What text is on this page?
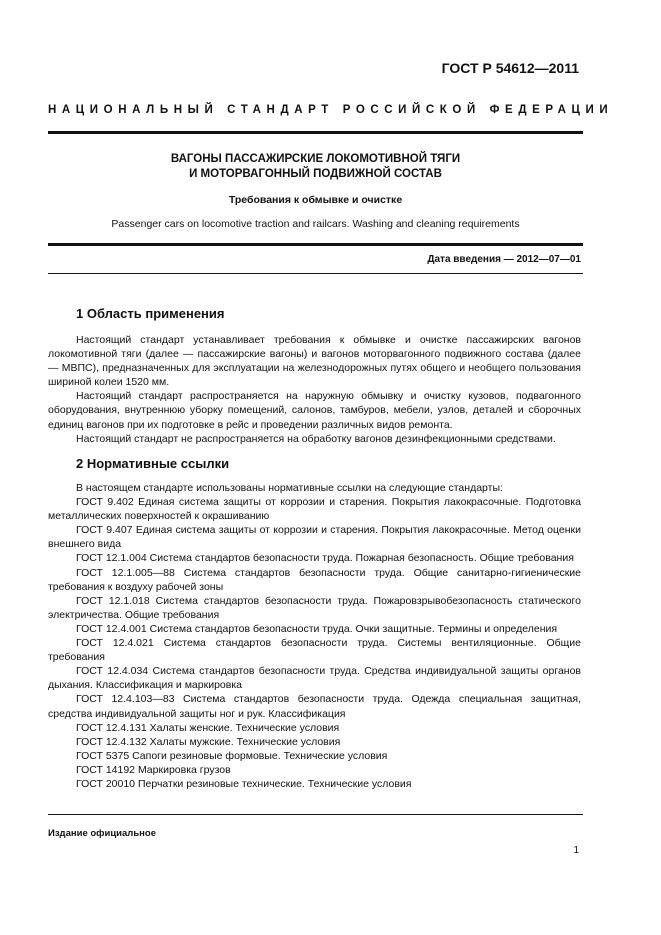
ГОСТ Р 54612—2011
НАЦИОНАЛЬНЫЙ СТАНДАРТ РОССИЙСКОЙ ФЕДЕРАЦИИ
ВАГОНЫ ПАССАЖИРСКИЕ ЛОКОМОТИВНОЙ ТЯГИ
И МОТОРВАГОННЫЙ ПОДВИЖНОЙ СОСТАВ
Требования к обмывке и очистке
Passenger cars on locomotive traction and railcars. Washing and cleaning requirements
Дата введения — 2012—07—01
1 Область применения

Настоящий стандарт устанавливает требования к обмывке и очистке пассажирских вагонов локомотивной тяги (далее — пассажирские вагоны) и вагонов моторвагонного подвижного состава (далее — МВПС), предназначенных для эксплуатации на железнодорожных путях общего и необщего пользования шириной колеи 1520 мм.

Настоящий стандарт распространяется на наружную обмывку и очистку кузовов, подвагонного оборудования, внутреннюю уборку помещений, салонов, тамбуров, мебели, узлов, деталей и сборочных единиц вагонов при их подготовке в рейс и проведении различных видов ремонта.

Настоящий стандарт не распространяется на обработку вагонов дезинфекционными средствами.

2 Нормативные ссылки

В настоящем стандарте использованы нормативные ссылки на следующие стандарты:

ГОСТ 9.402 Единая система защиты от коррозии и старения. Покрытия лакокрасочные. Подготовка металлических поверхностей к окрашиванию

ГОСТ 9.407 Единая система защиты от коррозии и старения. Покрытия лакокрасочные. Метод оценки внешнего вида

ГОСТ 12.1.004 Система стандартов безопасности труда. Пожарная безопасность. Общие требования

ГОСТ 12.1.005—88 Система стандартов безопасности труда. Общие санитарно-гигиенические требования к воздуху рабочей зоны

ГОСТ 12.1.018 Система стандартов безопасности труда. Пожаровзрывобезопасность статического электричества. Общие требования

ГОСТ 12.4.001 Система стандартов безопасности труда. Очки защитные. Термины и определения

ГОСТ 12.4.021 Система стандартов безопасности труда. Системы вентиляционные. Общие требования

ГОСТ 12.4.034 Система стандартов безопасности труда. Средства индивидуальной защиты органов дыхания. Классификация и маркировка

ГОСТ 12.4.103—83 Система стандартов безопасности труда. Одежда специальная защитная, средства индивидуальной защиты ног и рук. Классификация

ГОСТ 12.4.131 Халаты женские. Технические условия

ГОСТ 12.4.132 Халаты мужские. Технические условия

ГОСТ 5375 Сапоги резиновые формовые. Технические условия

ГОСТ 14192 Маркировка грузов

ГОСТ 20010 Перчатки резиновые технические. Технические условия

Издание официальное
1
